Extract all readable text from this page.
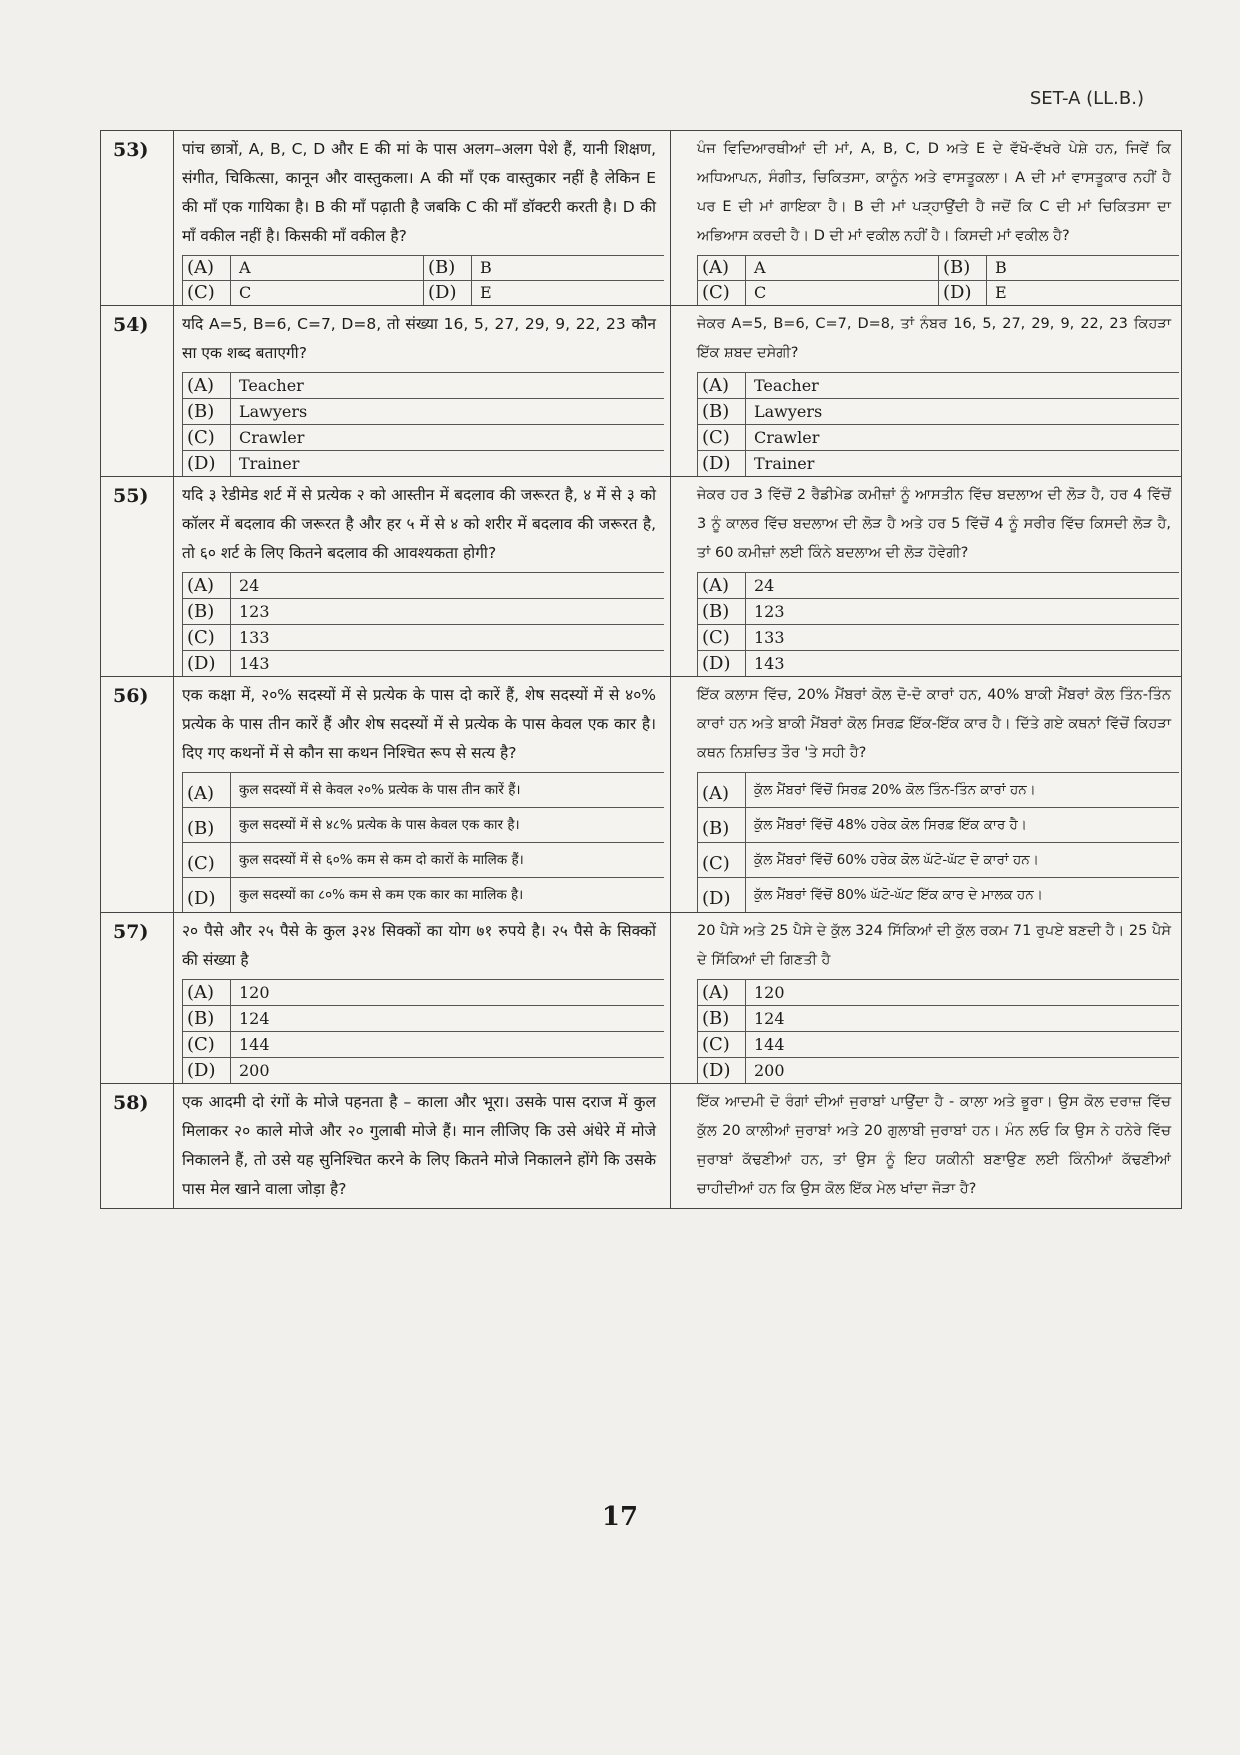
SET-A (LL.B.)
53)	पांच छात्रों, A, B, C, D और E की मां के पास अलग–अलग पेशे हैं, यानी शिक्षण, संगीत, चिकित्सा, कानून और वास्तुकला। A की माँ एक वास्तुकार नहीं है लेकिन E की माँ एक गायिका है। B की माँ पढ़ाती है जबकि C की माँ डॉक्टरी करती है। D की माँ वकील नहीं है। किसकी माँ वकील है?
(A)	A	(B)	B
(C)	C	(D)	E
ਪੰਜ ਵਿਦਿਆਰਥੀਆਂ ਦੀ ਮਾਂ, A, B, C, D ਅਤੇ E ਦੇ ਵੱਖੋ-ਵੱਖਰੇ ਪੇਸ਼ੇ ਹਨ, ਜਿਵੇਂ ਕਿ ਅਧਿਆਪਨ, ਸੰਗੀਤ, ਚਿਕਿਤਸਾ, ਕਾਨੂੰਨ ਅਤੇ ਵਾਸਤੂਕਲਾ। A ਦੀ ਮਾਂ ਵਾਸਤੂਕਾਰ ਨਹੀਂ ਹੈ ਪਰ E ਦੀ ਮਾਂ ਗਾਇਕਾ ਹੈ। B ਦੀ ਮਾਂ ਪੜ੍ਹਾਉਂਦੀ ਹੈ ਜਦੋਂ ਕਿ C ਦੀ ਮਾਂ ਚਿਕਿਤਸਾ ਦਾ ਅਭਿਆਸ ਕਰਦੀ ਹੈ। D ਦੀ ਮਾਂ ਵਕੀਲ ਨਹੀਂ ਹੈ। ਕਿਸਦੀ ਮਾਂ ਵਕੀਲ ਹੈ?
(A)	A	(B)	B
(C)	C	(D)	E
54)	यदि A=5, B=6, C=7, D=8, तो संख्या 16, 5, 27, 29, 9, 22, 23 कौन सा एक शब्द बताएगी?
(A)	Teacher
(B)	Lawyers
(C)	Crawler
(D)	Trainer
ਜੇਕਰ A=5, B=6, C=7, D=8, ਤਾਂ ਨੰਬਰ 16, 5, 27, 29, 9, 22, 23 ਕਿਹੜਾ ਇੱਕ ਸ਼ਬਦ ਦਸੇਗੀ?
(A)	Teacher
(B)	Lawyers
(C)	Crawler
(D)	Trainer
55)	यदि ३ रेडीमेड शर्ट में से प्रत्येक २ को आस्तीन में बदलाव की जरूरत है, ४ में से ३ को कॉलर में बदलाव की जरूरत है और हर ५ में से ४ को शरीर में बदलाव की जरूरत है, तो ६० शर्ट के लिए कितने बदलाव की आवश्यकता होगी?
(A)	24
(B)	123
(C)	133
(D)	143
ਜੇਕਰ ਹਰ 3 ਵਿੱਚੋਂ 2 ਰੈਡੀਮੇਡ ਕਮੀਜ਼ਾਂ ਨੂੰ ਆਸਤੀਨ ਵਿੱਚ ਬਦਲਾਅ ਦੀ ਲੋੜ ਹੈ, ਹਰ 4 ਵਿੱਚੋਂ 3 ਨੂੰ ਕਾਲਰ ਵਿੱਚ ਬਦਲਾਅ ਦੀ ਲੋੜ ਹੈ ਅਤੇ ਹਰ 5 ਵਿੱਚੋਂ 4 ਨੂੰ ਸਰੀਰ ਵਿੱਚ ਕਿਸਦੀ ਲੋੜ ਹੈ, ਤਾਂ 60 ਕਮੀਜ਼ਾਂ ਲਈ ਕਿੰਨੇ ਬਦਲਾਅ ਦੀ ਲੋੜ ਹੋਵੇਗੀ?
(A)	24
(B)	123
(C)	133
(D)	143
56)	एक कक्षा में, २०% सदस्यों में से प्रत्येक के पास दो कारें हैं, शेष सदस्यों में से ४०% प्रत्येक के पास तीन कारें हैं और शेष सदस्यों में से प्रत्येक के पास केवल एक कार है। दिए गए कथनों में से कौन सा कथन निश्चित रूप से सत्य है?
(A)	कुल सदस्यों में से केवल २०% प्रत्येक के पास तीन कारें हैं।
(B)	कुल सदस्यों में से ४८% प्रत्येक के पास केवल एक कार है।
(C)	कुल सदस्यों में से ६०% कम से कम दो कारों के मालिक हैं।
(D)	कुल सदस्यों का ८०% कम से कम एक कार का मालिक है।
ਇੱਕ ਕਲਾਸ ਵਿੱਚ, 20% ਮੈਂਬਰਾਂ ਕੋਲ ਦੋ-ਦੋ ਕਾਰਾਂ ਹਨ, 40% ਬਾਕੀ ਮੈਂਬਰਾਂ ਕੋਲ ਤਿੰਨ-ਤਿੰਨ ਕਾਰਾਂ ਹਨ ਅਤੇ ਬਾਕੀ ਮੈਂਬਰਾਂ ਕੋਲ ਸਿਰਫ਼ ਇੱਕ-ਇੱਕ ਕਾਰ ਹੈ। ਦਿੱਤੇ ਗਏ ਕਥਨਾਂ ਵਿੱਚੋਂ ਕਿਹੜਾ ਕਥਨ ਨਿਸ਼ਚਿਤ ਤੌਰ 'ਤੇ ਸਹੀ ਹੈ?
(A)	ਕੁੱਲ ਮੈਂਬਰਾਂ ਵਿੱਚੋਂ ਸਿਰਫ਼ 20% ਕੋਲ ਤਿੰਨ-ਤਿੰਨ ਕਾਰਾਂ ਹਨ।
(B)	ਕੁੱਲ ਮੈਂਬਰਾਂ ਵਿੱਚੋਂ 48% ਹਰੇਕ ਕੋਲ ਸਿਰਫ਼ ਇੱਕ ਕਾਰ ਹੈ।
(C)	ਕੁੱਲ ਮੈਂਬਰਾਂ ਵਿੱਚੋਂ 60% ਹਰੇਕ ਕੋਲ ਘੱਟੋ-ਘੱਟ ਦੋ ਕਾਰਾਂ ਹਨ।
(D)	ਕੁੱਲ ਮੈਂਬਰਾਂ ਵਿੱਚੋਂ 80% ਘੱਟੋ-ਘੱਟ ਇੱਕ ਕਾਰ ਦੇ ਮਾਲਕ ਹਨ।
57)	२० पैसे और २५ पैसे के कुल ३२४ सिक्कों का योग ७१ रुपये है। २५ पैसे के सिक्कों की संख्या है
(A)	120
(B)	124
(C)	144
(D)	200
20 ਪੈਸੇ ਅਤੇ 25 ਪੈਸੇ ਦੇ ਕੁੱਲ 324 ਸਿੱਕਿਆਂ ਦੀ ਕੁੱਲ ਰਕਮ 71 ਰੁਪਏ ਬਣਦੀ ਹੈ। 25 ਪੈਸੇ ਦੇ ਸਿੱਕਿਆਂ ਦੀ ਗਿਣਤੀ ਹੈ
(A)	120
(B)	124
(C)	144
(D)	200
58)	एक आदमी दो रंगों के मोजे पहनता है – काला और भूरा। उसके पास दराज में कुल मिलाकर २० काले मोजे और २० गुलाबी मोजे हैं। मान लीजिए कि उसे अंधेरे में मोजे निकालने हैं, तो उसे यह सुनिश्चित करने के लिए कितने मोजे निकालने होंगे कि उसके पास मेल खाने वाला जोड़ा है?
ਇੱਕ ਆਦਮੀ ਦੋ ਰੰਗਾਂ ਦੀਆਂ ਜੁਰਾਬਾਂ ਪਾਉਂਦਾ ਹੈ - ਕਾਲਾ ਅਤੇ ਭੂਰਾ। ਉਸ ਕੋਲ ਦਰਾਜ਼ ਵਿੱਚ ਕੁੱਲ 20 ਕਾਲੀਆਂ ਜੁਰਾਬਾਂ ਅਤੇ 20 ਗੁਲਾਬੀ ਜੁਰਾਬਾਂ ਹਨ। ਮੰਨ ਲਓ ਕਿ ਉਸ ਨੇ ਹਨੇਰੇ ਵਿੱਚ ਜੁਰਾਬਾਂ ਕੱਢਣੀਆਂ ਹਨ, ਤਾਂ ਉਸ ਨੂੰ ਇਹ ਯਕੀਨੀ ਬਣਾਉਣ ਲਈ ਕਿੰਨੀਆਂ ਕੱਢਣੀਆਂ ਚਾਹੀਦੀਆਂ ਹਨ ਕਿ ਉਸ ਕੋਲ ਇੱਕ ਮੇਲ ਖਾਂਦਾ ਜੋੜਾ ਹੈ?
17
